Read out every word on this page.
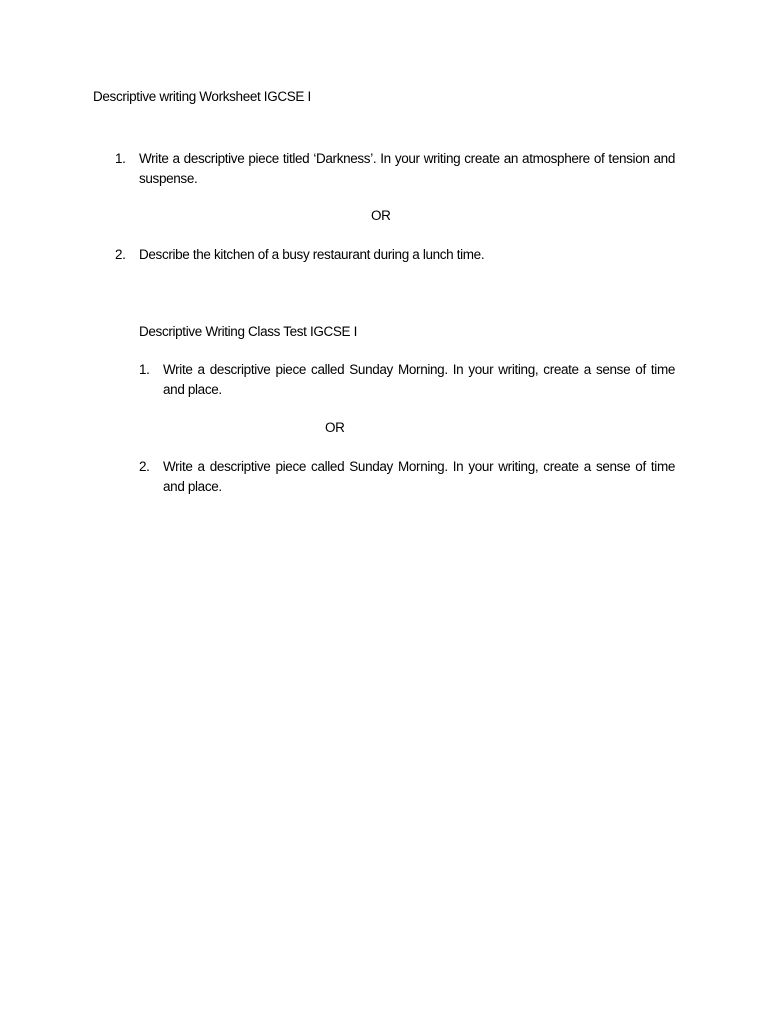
Descriptive writing Worksheet IGCSE I
1. Write a descriptive piece titled ‘Darkness’. In your writing create an atmosphere of tension and suspense.
OR
2. Describe the kitchen of a busy restaurant during a lunch time.
Descriptive Writing Class Test IGCSE I
1. Write a descriptive piece called Sunday Morning. In your writing, create a sense of time and place.
OR
2. Write a descriptive piece called Sunday Morning. In your writing, create a sense of time and place.
